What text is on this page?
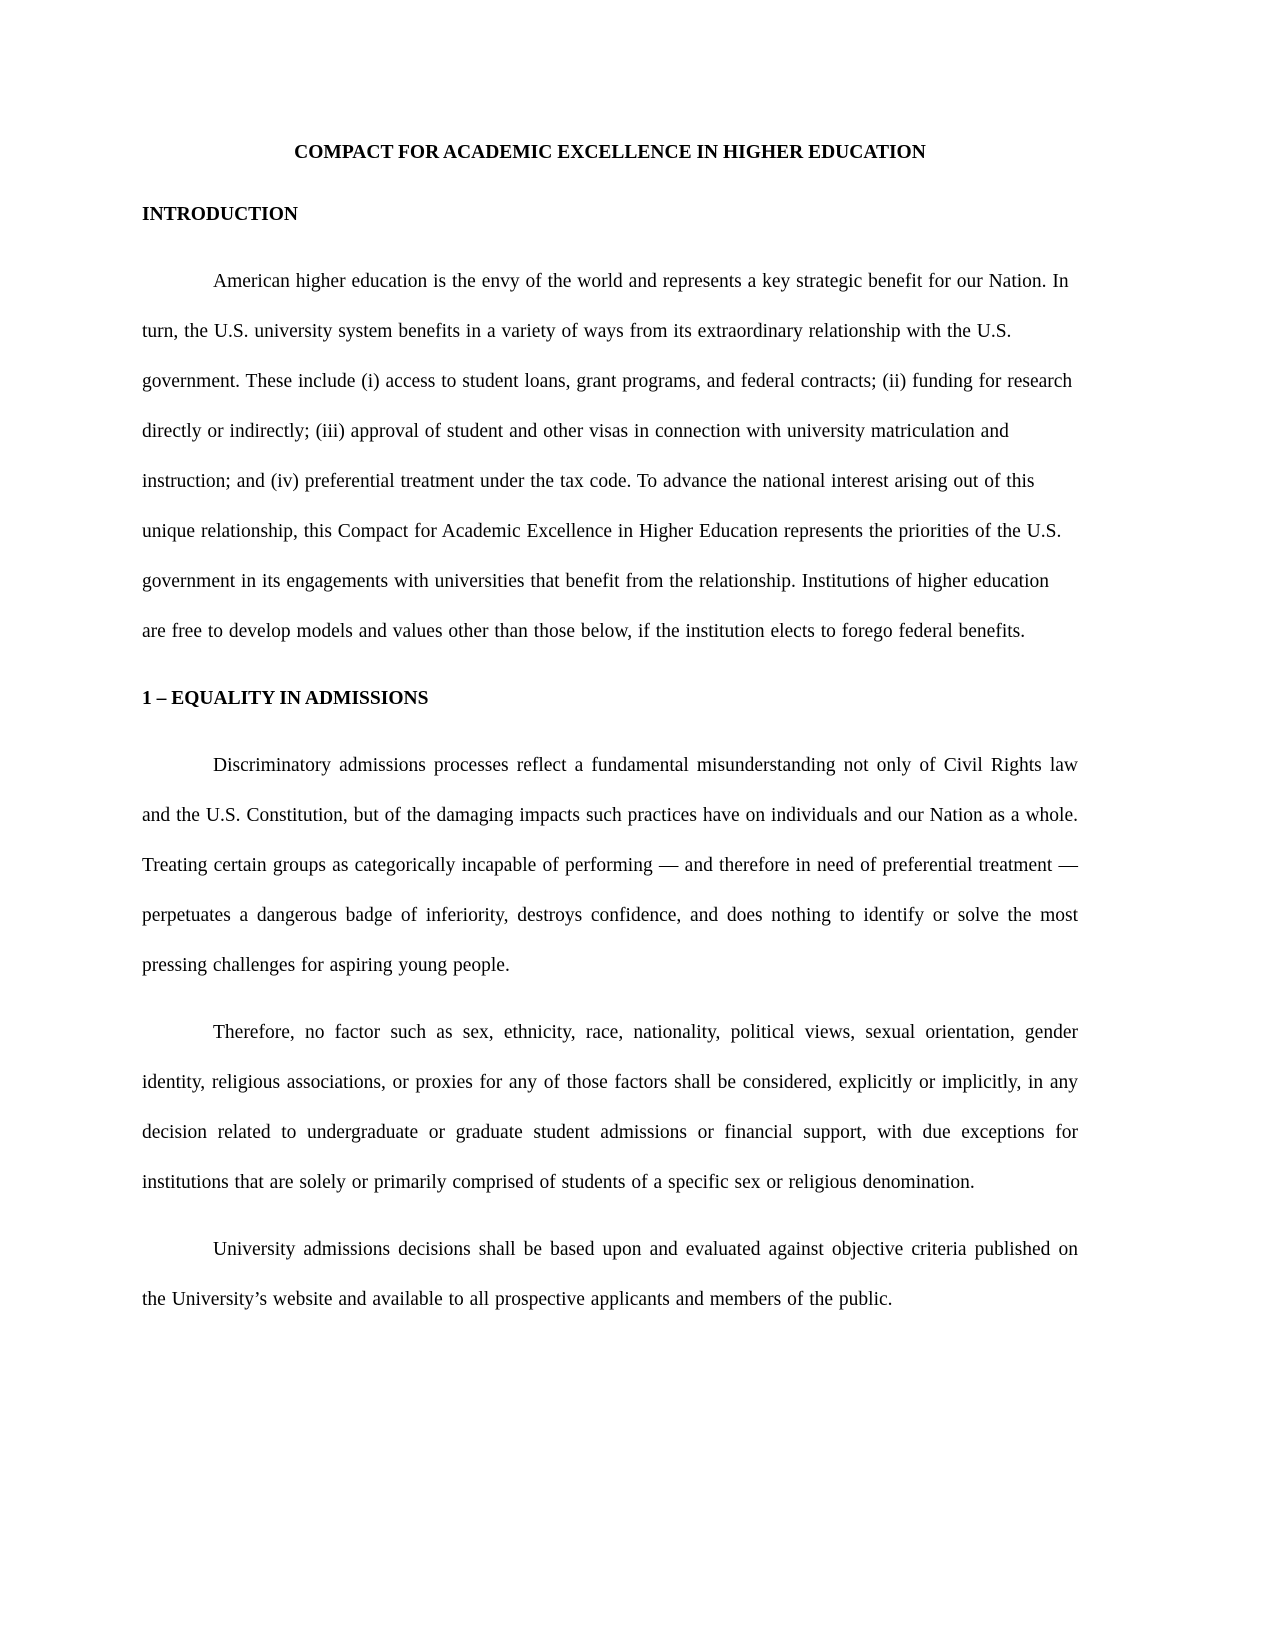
COMPACT FOR ACADEMIC EXCELLENCE IN HIGHER EDUCATION
INTRODUCTION

American higher education is the envy of the world and represents a key strategic benefit for our Nation. In turn, the U.S. university system benefits in a variety of ways from its extraordinary relationship with the U.S. government. These include (i) access to student loans, grant programs, and federal contracts; (ii) funding for research directly or indirectly; (iii) approval of student and other visas in connection with university matriculation and instruction; and (iv) preferential treatment under the tax code. To advance the national interest arising out of this unique relationship, this Compact for Academic Excellence in Higher Education represents the priorities of the U.S. government in its engagements with universities that benefit from the relationship. Institutions of higher education are free to develop models and values other than those below, if the institution elects to forego federal benefits.

1 – EQUALITY IN ADMISSIONS

Discriminatory admissions processes reflect a fundamental misunderstanding not only of Civil Rights law and the U.S. Constitution, but of the damaging impacts such practices have on individuals and our Nation as a whole. Treating certain groups as categorically incapable of performing — and therefore in need of preferential treatment — perpetuates a dangerous badge of inferiority, destroys confidence, and does nothing to identify or solve the most pressing challenges for aspiring young people.

Therefore, no factor such as sex, ethnicity, race, nationality, political views, sexual orientation, gender identity, religious associations, or proxies for any of those factors shall be considered, explicitly or implicitly, in any decision related to undergraduate or graduate student admissions or financial support, with due exceptions for institutions that are solely or primarily comprised of students of a specific sex or religious denomination.

University admissions decisions shall be based upon and evaluated against objective criteria published on the University’s website and available to all prospective applicants and members of the public.
